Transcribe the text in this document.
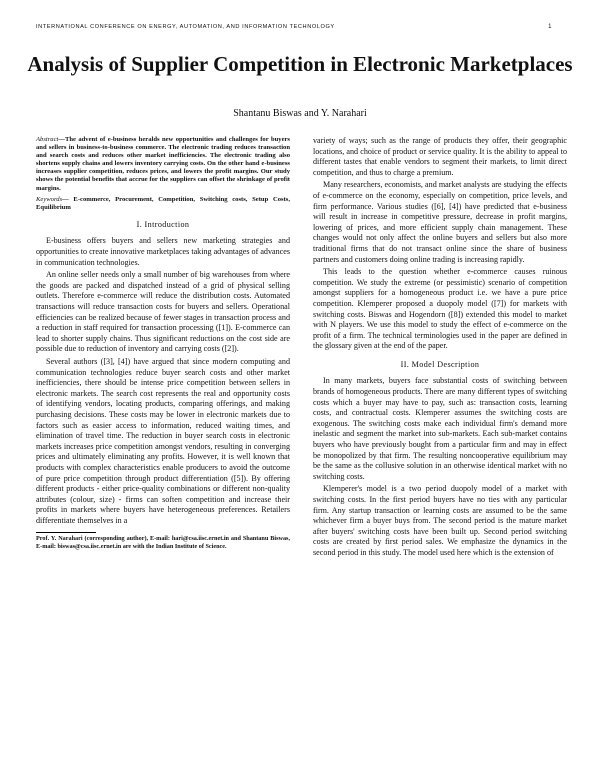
INTERNATIONAL CONFERENCE ON ENERGY, AUTOMATION, AND INFORMATION TECHNOLOGY	1
Analysis of Supplier Competition in Electronic Marketplaces
Shantanu Biswas and Y. Narahari
Abstract—The advent of e-business heralds new opportunities and challenges for buyers and sellers in business-to-business commerce. The electronic trading reduces transaction and search costs and reduces other market inefficiencies. The electronic trading also shortens supply chains and lowers inventory carrying costs. On the other hand e-business increases supplier competition, reduces prices, and lowers the profit margins. Our study shows the potential benefits that accrue for the suppliers can offset the shrinkage of profit margins.
Keywords— E-commerce, Procurement, Competition, Switching costs, Setup Costs, Equilibrium
I. Introduction

E-business offers buyers and sellers new marketing strategies and opportunities to create innovative marketplaces taking advantages of advances in communication technologies.

An online seller needs only a small number of big warehouses from where the goods are packed and dispatched instead of a grid of physical selling outlets. Therefore e-commerce will reduce the distribution costs. Automated transactions will reduce transaction costs for buyers and sellers. Operational efficiencies can be realized because of fewer stages in transaction process and a reduction in staff required for transaction processing ([1]). E-commerce can lead to shorter supply chains. Thus significant reductions on the cost side are possible due to reduction of inventory and carrying costs ([2]).

Several authors ([3], [4]) have argued that since modern computing and communication technologies reduce buyer search costs and other market inefficiencies, there should be intense price competition between sellers in electronic markets. The search cost represents the real and opportunity costs of identifying vendors, locating products, comparing offerings, and making purchasing decisions. These costs may be lower in electronic markets due to factors such as easier access to information, reduced waiting times, and elimination of travel time. The reduction in buyer search costs in electronic markets increases price competition amongst vendors, resulting in converging prices and ultimately eliminating any profits. However, it is well known that products with complex characteristics enable producers to avoid the outcome of pure price competition through product differentiation ([5]). By offering different products - either price-quality combinations or different non-quality attributes (colour, size) - firms can soften competition and increase their profits in markets where buyers have heterogeneous preferences. Retailers differentiate themselves in a

Prof. Y. Narahari (corresponding author), E-mail: hari@csa.iisc.ernet.in and Shantanu Biswas, E-mail: biswas@csa.iisc.ernet.in are with the Indian Institute of Science.

variety of ways; such as the range of products they offer, their geographic locations, and choice of product or service quality. It is the ability to appeal to different tastes that enable vendors to segment their markets, to limit direct competition, and thus to charge a premium.

Many researchers, economists, and market analysts are studying the effects of e-commerce on the economy, especially on competition, price levels, and firm performance. Various studies ([6], [4]) have predicted that e-business will result in increase in competitive pressure, decrease in profit margins, lowering of prices, and more efficient supply chain management. These changes would not only affect the online buyers and sellers but also more traditional firms that do not transact online since the share of business partners and customers doing online trading is increasing rapidly.

This leads to the question whether e-commerce causes ruinous competition. We study the extreme (or pessimistic) scenario of competition amongst suppliers for a homogeneous product i.e. we have a pure price competition. Klemperer proposed a duopoly model ([7]) for markets with switching costs. Biswas and Hogendorn ([8]) extended this model to market with N players. We use this model to study the effect of e-commerce on the profit of a firm. The technical terminologies used in the paper are defined in the glossary given at the end of the paper.

II. Model Description

In many markets, buyers face substantial costs of switching between brands of homogeneous products. There are many different types of switching costs which a buyer may have to pay, such as: transaction costs, learning costs, and contractual costs. Klemperer assumes the switching costs are exogenous. The switching costs make each individual firm's demand more inelastic and segment the market into sub-markets. Each sub-market contains buyers who have previously bought from a particular firm and may in effect be monopolized by that firm. The resulting noncooperative equilibrium may be the same as the collusive solution in an otherwise identical market with no switching costs.

Klemperer's model is a two period duopoly model of a market with switching costs. In the first period buyers have no ties with any particular firm. Any startup transaction or learning costs are assumed to be the same whichever firm a buyer buys from. The second period is the mature market after buyers' switching costs have been built up. Second period switching costs are created by first period sales. We emphasize the dynamics in the second period in this study. The model used here which is the extension of
